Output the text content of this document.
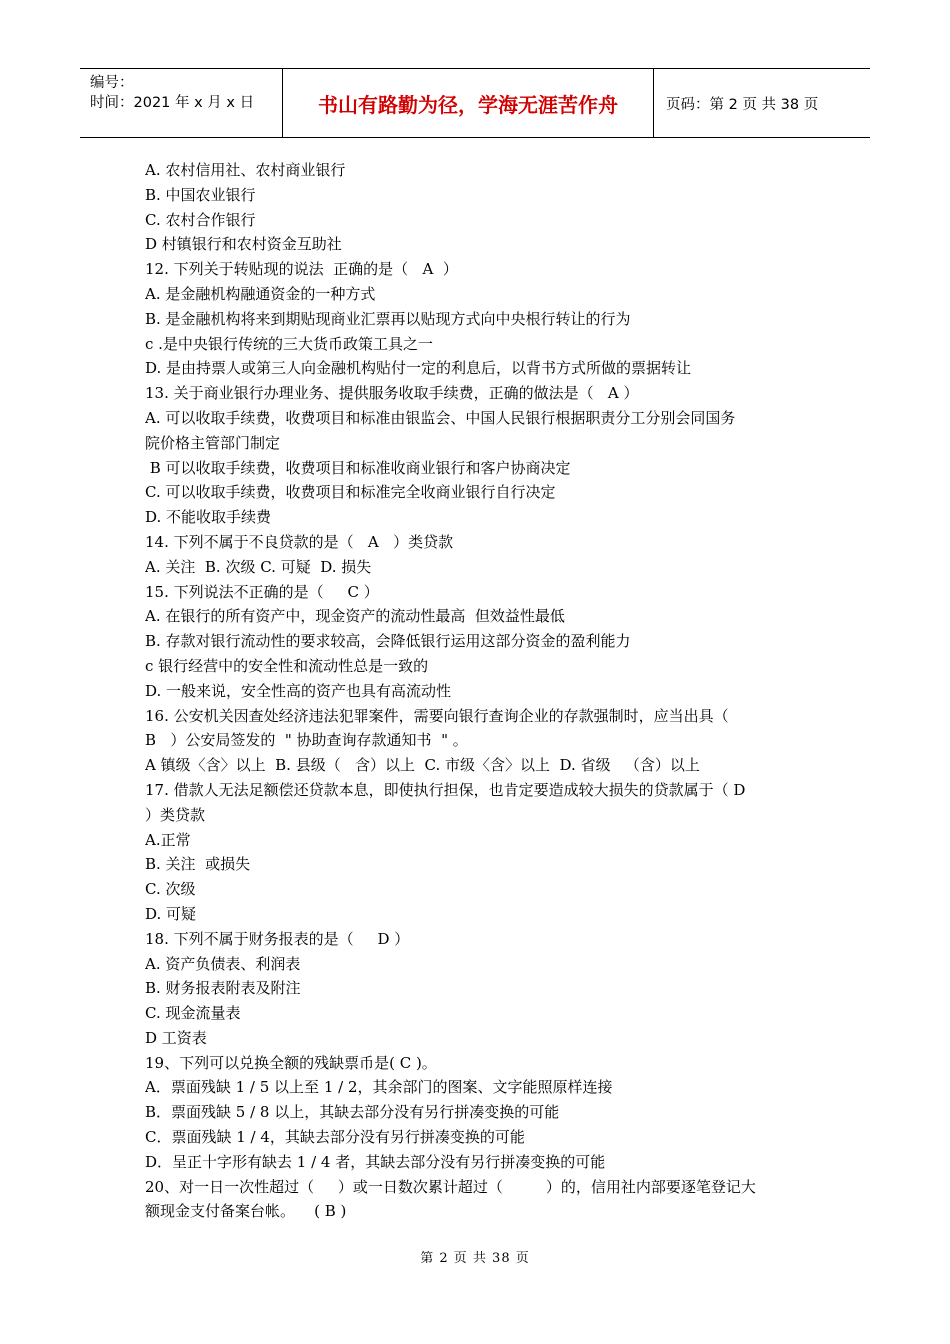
编号：
时间：2021 年 x 月 x 日	书山有路勤为径，学海无涯苦作舟	页码：第 2 页 共 38 页
A. 农村信用社、农村商业银行
B. 中国农业银行
C. 农村合作银行
D 村镇银行和农村资金互助社
12. 下列关于转贴现的说法  正确的是（   A  ）
A. 是金融机构融通资金的一种方式
B. 是金融机构将来到期贴现商业汇票再以贴现方式向中央根行转让的行为
c .是中央银行传统的三大货币政策工具之一
D. 是由持票人或第三人向金融机构贴付一定的利息后，以背书方式所做的票据转让
13. 关于商业银行办理业务、提供服务收取手续费，正确的做法是（   A ）
A. 可以收取手续费，收费项目和标准由银监会、中国人民银行根据职责分工分别会同国务
院价格主管部门制定
B 可以收取手续费，收费项目和标准收商业银行和客户协商决定
C. 可以收取手续费，收费项目和标准完全收商业银行自行决定
D. 不能收取手续费
14. 下列不属于不良贷款的是（   A   ）类贷款
A. 关注  B. 次级 C. 可疑  D. 损失
15. 下列说法不正确的是（     C ）
A. 在银行的所有资产中，现金资产的流动性最高  但效益性最低
B. 存款对银行流动性的要求较高，会降低银行运用这部分资金的盈利能力
c 银行经营中的安全性和流动性总是一致的
D. 一般来说，安全性高的资产也具有高流动性
16. 公安机关因查处经济违法犯罪案件，需要向银行查询企业的存款强制时，应当出具（
B   ）公安局签发的  " 协助查询存款通知书  " 。
A 镇级〈含〉以上  B. 县级（   含）以上  C. 市级〈含〉以上  D. 省级   （含）以上
17. 借款人无法足额偿还贷款本息，即使执行担保，也肯定要造成较大损失的贷款属于（ D
）类贷款
A.正常
B. 关注  或损失
C. 次级
D. 可疑
18. 下列不属于财务报表的是（     D ）
A. 资产负债表、利润表
B. 财务报表附表及附注
C. 现金流量表
D 工资表
19、下列可以兑换全额的残缺票币是( C )。
A．票面残缺 1 / 5 以上至 1 / 2，其余部门的图案、文字能照原样连接
B．票面残缺 5 / 8 以上，其缺去部分没有另行拼凑变换的可能
C．票面残缺 1 / 4，其缺去部分没有另行拼凑变换的可能
D．呈正十字形有缺去 1 / 4 者，其缺去部分没有另行拼凑变换的可能
20、对一日一次性超过（     ）或一日数次累计超过（         ）的，信用社内部要逐笔登记大
额现金支付备案台帐。    ( B )
第 2 页 共 38 页
